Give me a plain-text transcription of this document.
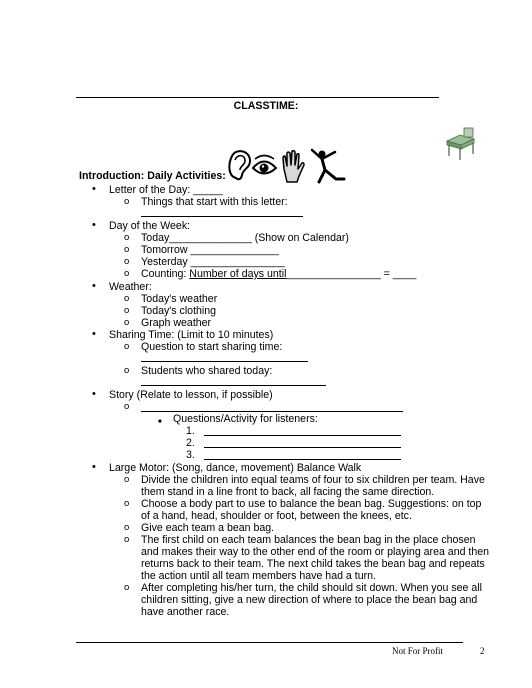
CLASSTIME:
Introduction: Daily Activities:
• Letter of the Day: _____
o Things that start with this letter:
• Day of the Week:
o Today______________ (Show on Calendar)
o Tomorrow _______________
o Yesterday ________________
o Counting: Number of days until________________ = ____
• Weather:
o Today's weather
o Today's clothing
o Graph weather
• Sharing Time: (Limit to 10 minutes)
o Question to start sharing time:
o Students who shared today:
• Story (Relate to lesson, if possible)
o
■ Questions/Activity for listeners:
1.
2.
3.
• Large Motor: (Song, dance, movement) Balance Walk
o Divide the children into equal teams of four to six children per team. Have
them stand in a line front to back, all facing the same direction.
o Choose a body part to use to balance the bean bag. Suggestions: on top
of a hand, head, shoulder or foot, between the knees, etc.
o Give each team a bean bag.
o The first child on each team balances the bean bag in the place chosen
and makes their way to the other end of the room or playing area and then
returns back to their team. The next child takes the bean bag and repeats
the action until all team members have had a turn.
o After completing his/her turn, the child should sit down. When you see all
children sitting, give a new direction of where to place the bean bag and
have another race.
Not For Profit	2
